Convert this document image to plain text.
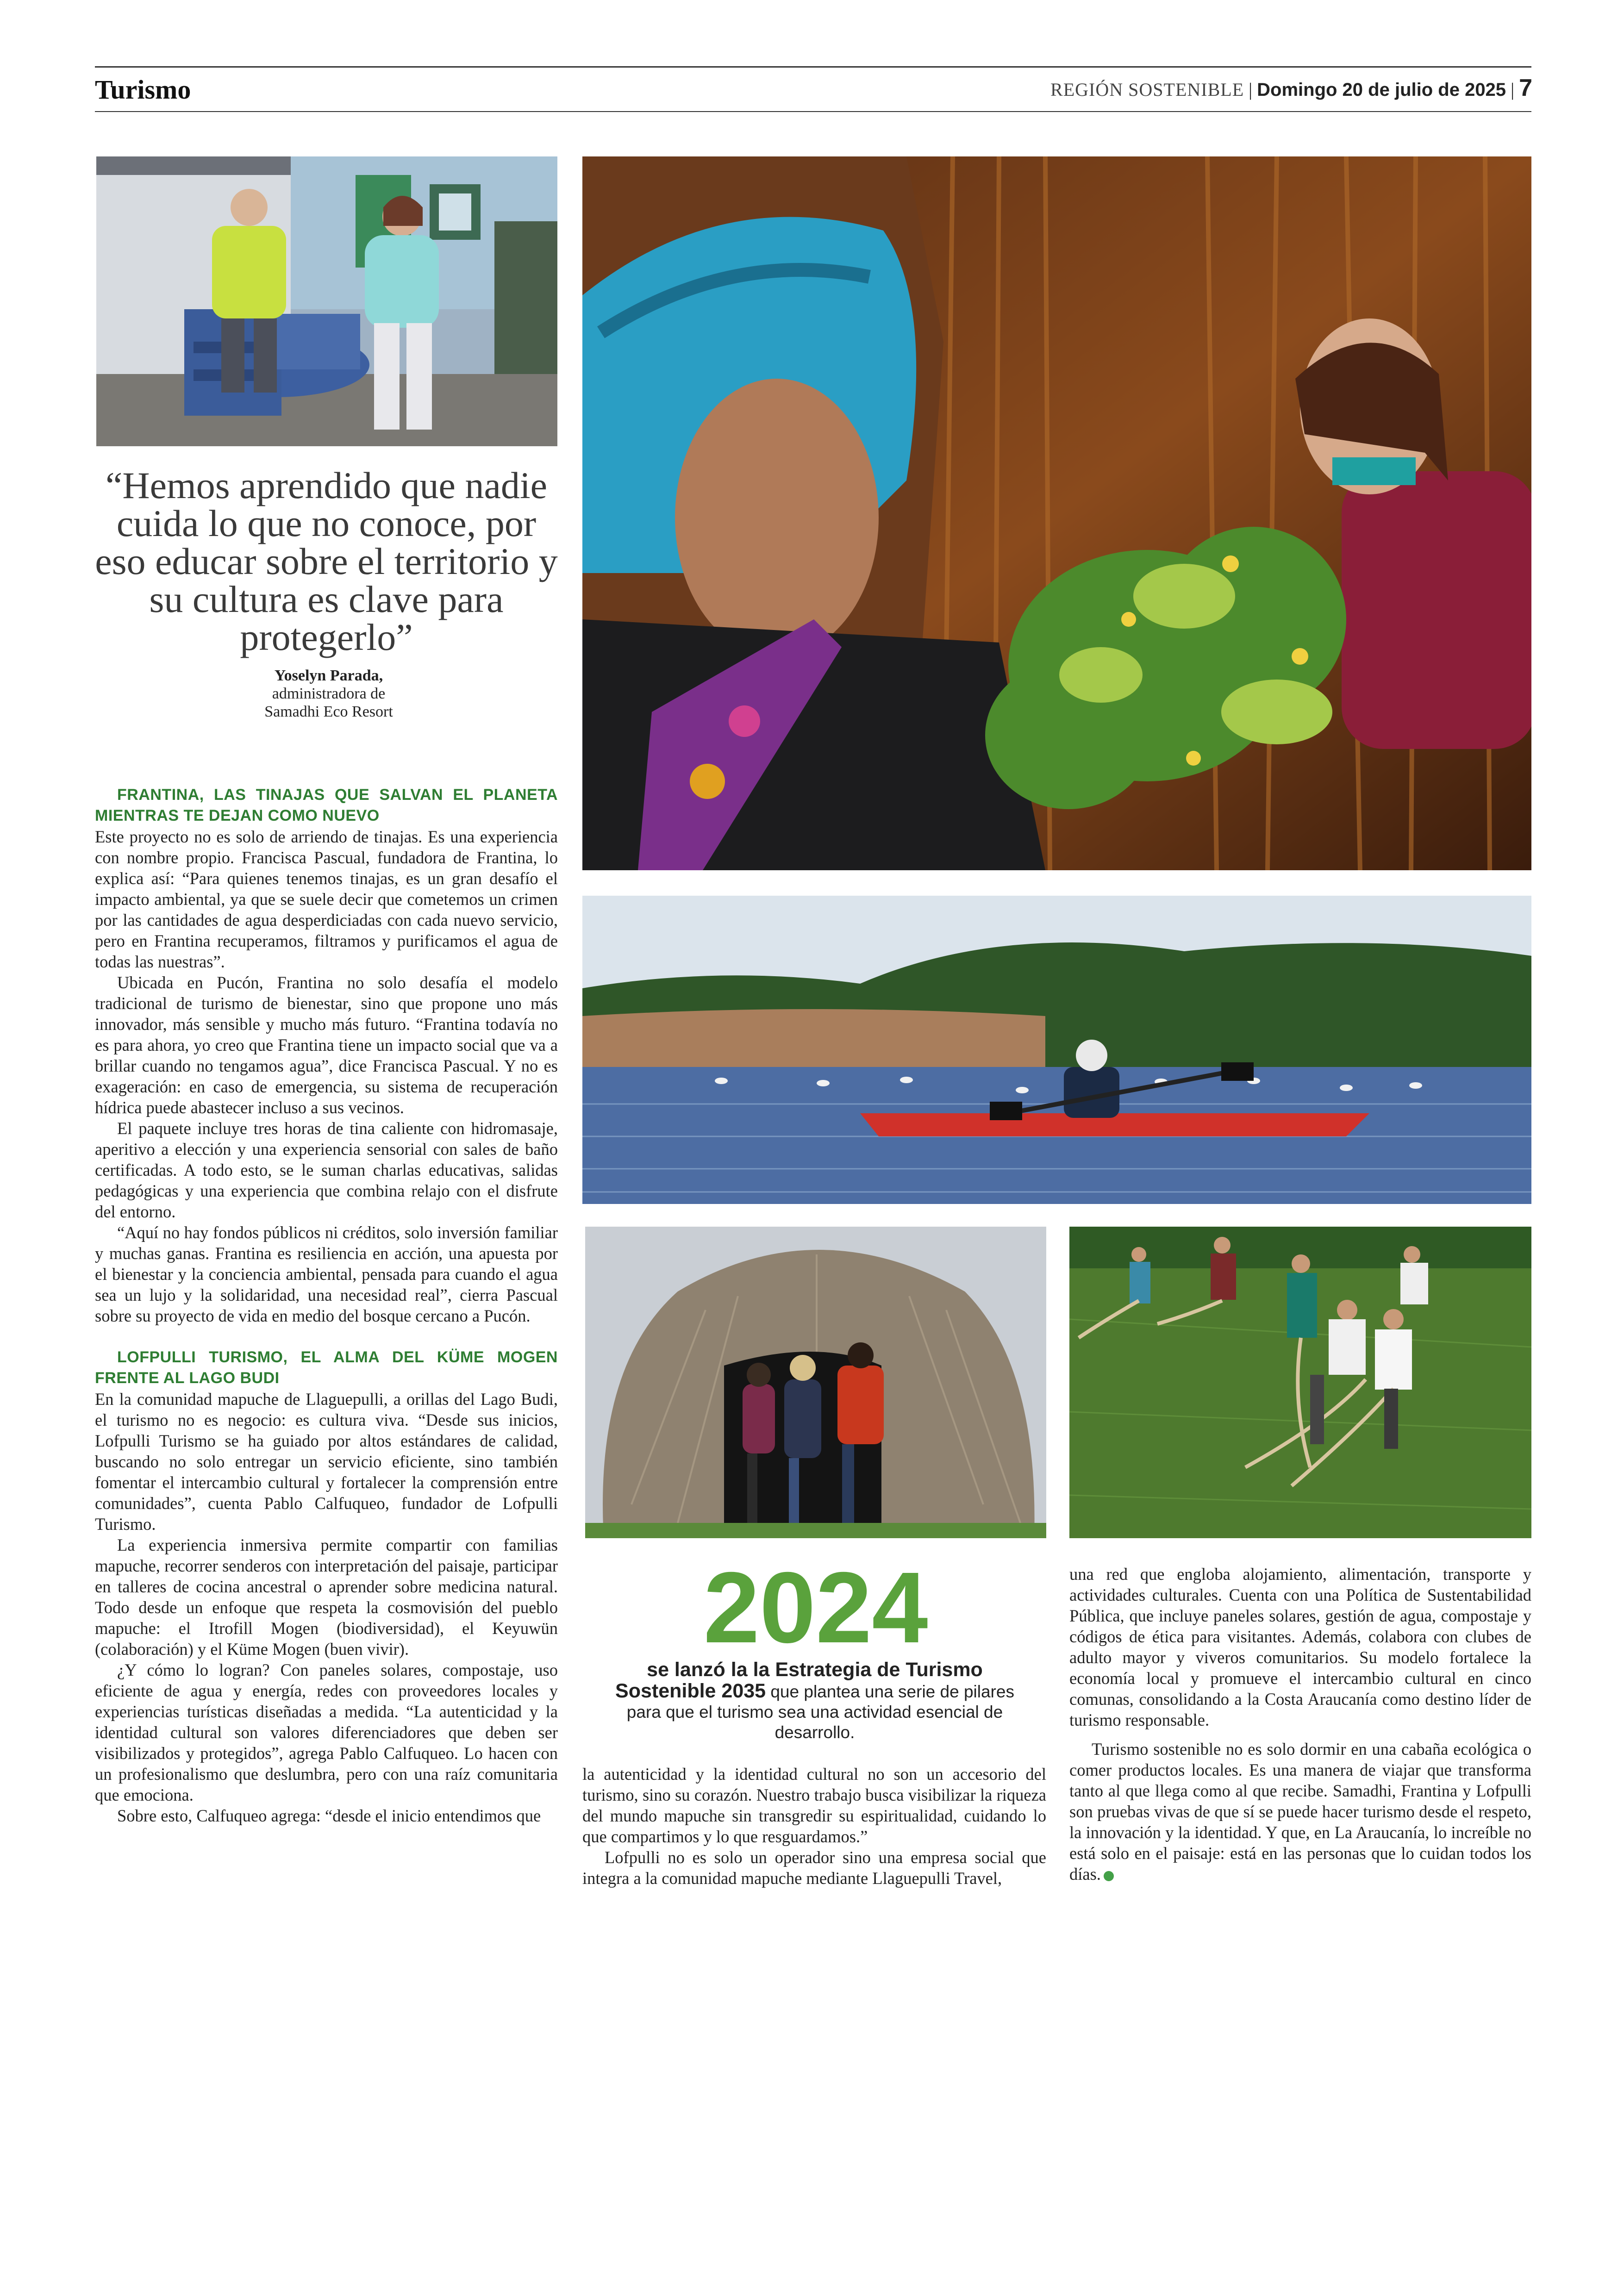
Turismo	REGIÓN SOSTENIBLE | Domingo 20 de julio de 2025 | 7
“Hemos aprendido que nadie cuida lo que no conoce, por eso educar sobre el territorio y su cultura es clave para protegerlo”
Yoselyn Parada,
administradora de
Samadhi Eco Resort

FRANTINA, LAS TINAJAS QUE SALVAN EL PLANETA MIENTRAS TE DEJAN COMO NUEVO

Este proyecto no es solo de arriendo de tinajas. Es una experiencia con nombre propio. Francisca Pascual, fundadora de Frantina, lo explica así: “Para quienes tenemos tinajas, es un gran desafío el impacto ambiental, ya que se suele decir que cometemos un crimen por las cantidades de agua desperdiciadas con cada nuevo servicio, pero en Frantina recuperamos, filtramos y purificamos el agua de todas las nuestras”.

Ubicada en Pucón, Frantina no solo desafía el modelo tradicional de turismo de bienestar, sino que propone uno más innovador, más sensible y mucho más futuro. “Frantina todavía no es para ahora, yo creo que Frantina tiene un impacto social que va a brillar cuando no tengamos agua”, dice Francisca Pascual. Y no es exageración: en caso de emergencia, su sistema de recuperación hídrica puede abastecer incluso a sus vecinos.

El paquete incluye tres horas de tina caliente con hidromasaje, aperitivo a elección y una experiencia sensorial con sales de baño certificadas. A todo esto, se le suman charlas educativas, salidas pedagógicas y una experiencia que combina relajo con el disfrute del entorno.

“Aquí no hay fondos públicos ni créditos, solo inversión familiar y muchas ganas. Frantina es resiliencia en acción, una apuesta por el bienestar y la conciencia ambiental, pensada para cuando el agua sea un lujo y la solidaridad, una necesidad real”, cierra Pascual sobre su proyecto de vida en medio del bosque cercano a Pucón.

LOFPULLI TURISMO, EL ALMA DEL KÜME MOGEN FRENTE AL LAGO BUDI

En la comunidad mapuche de Llaguepulli, a orillas del Lago Budi, el turismo no es negocio: es cultura viva. “Desde sus inicios, Lofpulli Turismo se ha guiado por altos estándares de calidad, buscando no solo entregar un servicio eficiente, sino también fomentar el intercambio cultural y fortalecer la comprensión entre comunidades”, cuenta Pablo Calfuqueo, fundador de Lofpulli Turismo.

La experiencia inmersiva permite compartir con familias mapuche, recorrer senderos con interpretación del paisaje, participar en talleres de cocina ancestral o aprender sobre medicina natural. Todo desde un enfoque que respeta la cosmovisión del pueblo mapuche: el Itrofill Mogen (biodiversidad), el Keyuwün (colaboración) y el Küme Mogen (buen vivir).

¿Y cómo lo logran? Con paneles solares, compostaje, uso eficiente de agua y energía, redes con proveedores locales y experiencias turísticas diseñadas a medida. “La autenticidad y la identidad cultural son valores diferenciadores que deben ser visibilizados y protegidos”, agrega Pablo Calfuqueo. Lo hacen con un profesionalismo que deslumbra, pero con una raíz comunitaria que emociona.

Sobre esto, Calfuqueo agrega: “desde el inicio entendimos que

2024
se lanzó la la Estrategia de Turismo Sostenible 2035 que plantea una serie de pilares para que el turismo sea una actividad esencial de desarrollo.

la autenticidad y la identidad cultural no son un accesorio del turismo, sino su corazón. Nuestro trabajo busca visibilizar la riqueza del mundo mapuche sin transgredir su espiritualidad, cuidando lo que compartimos y lo que resguardamos.”

Lofpulli no es solo un operador sino una empresa social que integra a la comunidad mapuche mediante Llaguepulli Travel,

una red que engloba alojamiento, alimentación, transporte y actividades culturales. Cuenta con una Política de Sustentabilidad Pública, que incluye paneles solares, gestión de agua, compostaje y códigos de ética para visitantes. Además, colabora con clubes de adulto mayor y viveros comunitarios. Su modelo fortalece la economía local y promueve el intercambio cultural en cinco comunas, consolidando a la Costa Araucanía como destino líder de turismo responsable.

Turismo sostenible no es solo dormir en una cabaña ecológica o comer productos locales. Es una manera de viajar que transforma tanto al que llega como al que recibe. Samadhi, Frantina y Lofpulli son pruebas vivas de que sí se puede hacer turismo desde el respeto, la innovación y la identidad. Y que, en La Araucanía, lo increíble no está solo en el paisaje: está en las personas que lo cuidan todos los días.
